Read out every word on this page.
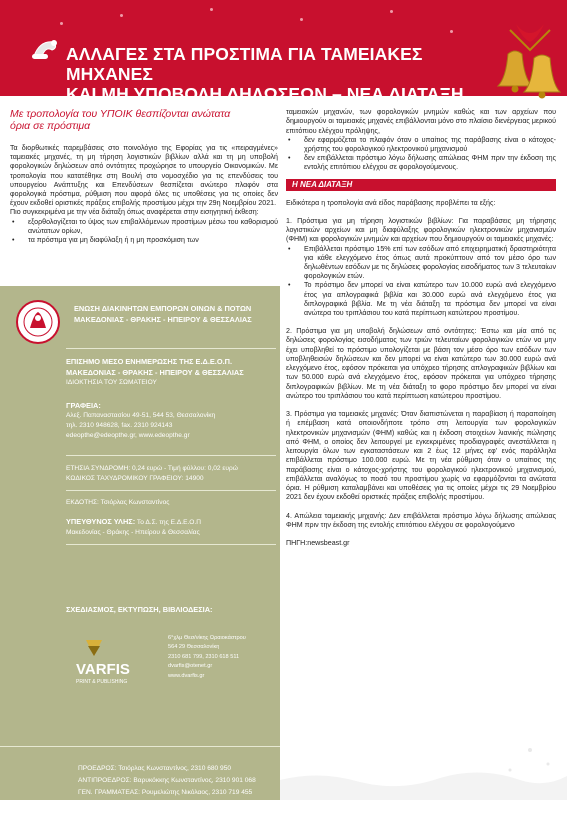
ΑΛΛΑΓΕΣ ΣΤΑ ΠΡΟΣΤΙΜΑ ΓΙΑ ΤΑΜΕΙΑΚΕΣ ΜΗΧΑΝΕΣ
ΚΑΙ ΜΗ ΥΠΟΒΟΛΗ ΔΗΛΩΣΕΩΝ – ΝΕΑ ΔΙΑΤΑΞΗ
Με τροπολογία του ΥΠΟΙΚ θεσπίζονται ανώτατα
όρια σε πρόστιμα

Τα διορθωτικές παρεμβάσεις στο ποινολόγιο της Εφορίας για τις «πειραγμένες» ταμειακές μηχανές, τη μη τήρηση λογιστικών βιβλίων αλλά και τη μη υποβολή φορολογικών δηλώσεων από οντότητες προχώρησε το υπουργείο Οικονομικών. Με τροπολογία που κατατέθηκε στη Βουλή στο νομοσχέδιο για τις επενδύσεις του υπουργείου Ανάπτυξης και Επενδύσεων θεσπίζεται ανώτερο πλαφόν στα φορολογικά πρόστιμα, ρύθμιση που αφορά όλες τις υποθέσεις για τις οποίες δεν έχουν εκδοθεί οριστικές πράξεις επιβολής προστίμου μέχρι την 29η Νοεμβρίου 2021.

Πιο συγκεκριμένα με την νέα διάταξη όπως αναφέρεται στην εισηγητική έκθεση:

• εξορθολογίζεται το ύψος των επιβαλλόμενων προστίμων μέσω του καθορισμού ανώτατων ορίων,

• τα πρόστιμα για μη διαφύλαξη ή η μη προσκόμιση των

ΕΝΩΣΗ ΔΙΑΚΙΝΗΤΩΝ ΕΜΠΟΡΩΝ ΟΙΝΩΝ & ΠΟΤΩΝ
ΜΑΚΕΔΟΝΙΑΣ - ΘΡΑΚΗΣ - ΗΠΕΙΡΟΥ & ΘΕΣΣΑΛΙΑΣ
ΕΠΙΣΗΜΟ ΜΕΣΟ ΕΝΗΜΕΡΩΣΗΣ ΤΗΣ Ε.Δ.Ε.Ο.Π.
ΜΑΚΕΔΟΝΙΑΣ - ΘΡΑΚΗΣ - ΗΠΕΙΡΟΥ & ΘΕΣΣΑΛΙΑΣ
ΙΔΙΟΚΤΗΣΙΑ ΤΟΥ ΣΩΜΑΤΕΙΟΥ
ΓΡΑΦΕΙΑ:
Αλεξ. Παπαναστασίου 49-51, 544 53, Θεσσαλονίκη
τηλ. 2310 948628, fax. 2310 924143
edeopthe@edeopthe.gr, www.edeopthe.gr
ΕΤΗΣΙΑ ΣΥΝΔΡΟΜΗ: 0,24 ευρώ - Τιμή φύλλου: 0,02 ευρώ
ΚΩΔΙΚΟΣ ΤΑΧΥΔΡΟΜΙΚΟΥ ΓΡΑΦΕΙΟΥ: 14900
ΕΚΔΟΤΗΣ: Τσιόρλας Κωνσταντίνος
ΥΠΕΥΘΥΝΟΣ ΥΛΗΣ: Το Δ.Σ. της Ε.Δ.Ε.Ο.Π
Μακεδονίας - Θράκης - Ηπείρου & Θεσσαλίας
ΣΧΕΔΙΑΣΜΟΣ, ΕΚΤΥΠΩΣΗ, ΒΙΒΛΙΟΔΕΣΙΑ:
VARFIS
PRINT & PUBLISHING
6°χλμ Θεσ/νίκης Ωραιοκάστρου
564 29 Θεσσαλονίκη
2310 681 799, 2310 618 511
dvarfis@otenet.gr
www.dvarfis.gr
ΠΡΟΕΔΡΟΣ: Τσιόρλας Κωνσταντίνος, 2310 680 950
ΑΝΤΙΠΡΟΕΔΡΟΣ: Βαρυκόκκης Κωνσταντίνος, 2310 901 068
ΓΕΝ. ΓΡΑΜΜΑΤΕΑΣ: Ρουμελιώτης Νικόλαος, 2310 719 455
ΤΑΜΙΑΣ: Χαριζάνου Δημήτριος, 2310 818 235
ΣΥΜΒΟΥΛΟΣ: Ζαχαράκης Γεώργιος, 2310210250

ταμειακών μηχανών, των φορολογικών μνημών καθώς και των αρχείων που δημιουργούν οι ταμειακές μηχανές επιβάλλονται μόνο στο πλαίσιο διενέργειας μερικού επιτόπιου ελέγχου πρόληψης,

• δεν εφαρμόζεται το πλαφόν όταν ο υπαίτιος της παράβασης είναι ο κάτοχος-χρήστης του φορολογικού ηλεκτρονικού μηχανισμού

• δεν επιβάλλεται πρόστιμο λόγω δήλωσης απώλειας ΦΗΜ πριν την έκδοση της εντολής επιτόπιου ελέγχου σε φορολογούμενους.

Η ΝΕΑ ΔΙΑΤΑΞΗ

Ειδικότερα η τροπολογία ανά είδος παράβασης προβλέπει τα εξής:

1. Πρόστιμα για μη τήρηση λογιστικών βιβλίων: Για παραβάσεις μη τήρησης λογιστικών αρχείων και μη διαφύλαξης φορολογικών ηλεκτρονικών μηχανισμών (ΦΗΜ) και φορολογικών μνημών και αρχείων που δημιουργούν οι ταμειακές μηχανές:

• Επιβάλλεται πρόστιμο 15% επί των εσόδων από επιχειρηματική δραστηριότητα για κάθε ελεγχόμενο έτος όπως αυτά προκύπτουν από τον μέσο όρο των δηλωθέντων εσόδων με τις δηλώσεις φορολογίας εισοδήματος των 3 τελευταίων φορολογικών ετών.

• Το πρόστιμο δεν μπορεί να είναι κατώτερο των 10.000 ευρώ ανά ελεγχόμενο έτος για απλογραφικά βιβλία και 30.000 ευρώ ανά ελεγχόμενο έτος για διπλογραφικά βιβλία. Με τη νέα διάταξη τα πρόστιμα δεν μπορεί να είναι ανώτερα του τριπλάσιου του κατά περίπτωση κατώτερου προστίμου.

2. Πρόστιμα για μη υποβολή δηλώσεων από οντότητες: Έστω και μία από τις δηλώσεις φορολογίας εισοδήματος των τριών τελευταίων φορολογικών ετών να μην έχει υποβληθεί το πρόστιμο υπολογίζεται με βάση τον μέσο όρο των εσόδων των υποβληθεισών δηλώσεων και δεν μπορεί να είναι κατώτερο των 30.000 ευρώ ανά ελεγχόμενο έτος, εφόσον πρόκειται για υπόχρεο τήρησης απλογραφικών βιβλίων και των 50.000 ευρώ ανά ελεγχόμενο έτος, εφόσον πρόκειται για υπόχρεο τήρησης διπλογραφικών βιβλίων. Με τη νέα διάταξη το φορο πρόστιμο δεν μπορεί να είναι ανώτερο του τριπλάσιου του κατά περίπτωση κατώτερου προστίμου.

3. Πρόστιμα για ταμειακές μηχανές: Όταν διαπιστώνεται η παραβίαση ή παραποίηση ή επέμβαση κατά οποιονδήποτε τρόπο στη λειτουργία των φορολογικών ηλεκτρονικών μηχανισμών (ΦΗΜ) καθώς και η έκδοση στοιχείων λιανικής πώλησης από ΦΗΜ, ο οποίος δεν λειτουργεί με εγκεκριμένες προδιαγραφές ανεστάλλεται η λειτουργία όλων των εγκαταστάσεων και 2 έως 12 μήνες εφ' ενός παράλληλα επιβάλλεται πρόστιμο 100.000 ευρώ. Με τη νέα ρύθμιση όταν ο υπαίτιος της παράβασης είναι ο κάτοχος-χρήστης του φορολογικού ηλεκτρονικού μηχανισμού, επιβάλλεται αναλόγως το ποσό του προστίμου χωρίς να εφαρμόζονται τα ανώτατα όρια. Η ρύθμιση καταλαμβάνει και υποθέσεις για τις οποίες μέχρι τις 29 Νοεμβρίου 2021 δεν έχουν εκδοθεί οριστικές πράξεις επιβολής προστίμου.

4. Απώλεια ταμειακής μηχανής: Δεν επιβάλλεται πρόστιμο λόγω δήλωσης απώλειας ΦΗΜ πριν την έκδοση της εντολής επιτόπιου ελέγχου σε φορολογούμενο

ΠΗΓΗ:newsbeast.gr
